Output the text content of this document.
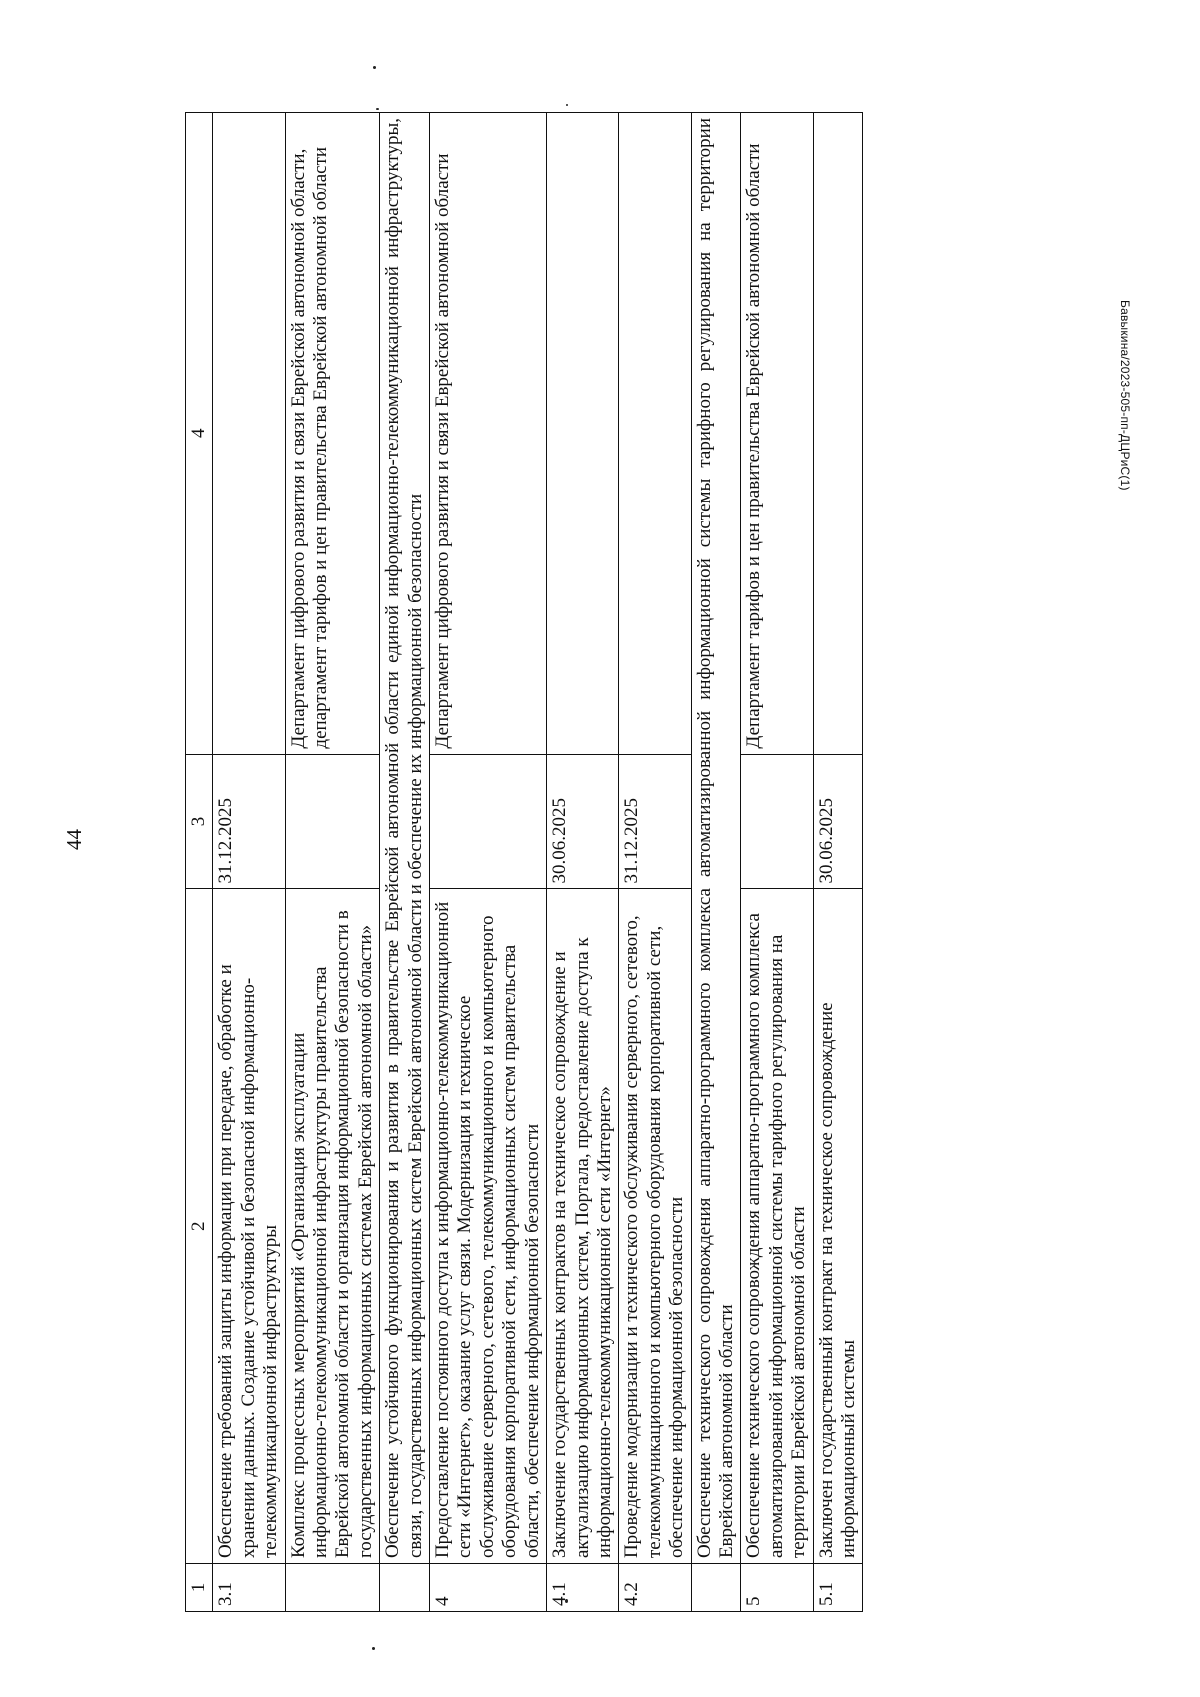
44
Бавыкина/2023-505-пп-ДЦРиС(1)
1	2	3	4
3.1	Обеспечение требований защиты информации при передаче, обработке и хранении данных. Создание устойчивой и безопасной информационно-телекоммуникационной инфраструктуры	31.12.2025	
	Комплекс процессных мероприятий «Организация эксплуатации информационно-телекоммуникационной инфраструктуры правительства Еврейской автономной области и организация информационной безопасности в государственных информационных системах Еврейской автономной области»		Департамент цифрового развития и связи Еврейской автономной области, департамент тарифов и цен правительства Еврейской автономной области
	Обеспечение устойчивого функционирования и развития в правительстве Еврейской автономной области единой информационно-телекоммуникационной инфраструктуры, связи, государственных информационных систем Еврейской автономной области и обеспечение их информационной безопасности		
4	Предоставление постоянного доступа к информационно-телекоммуникационной сети «Интернет», оказание услуг связи. Модернизация и техническое обслуживание серверного, сетевого, телекоммуникационного и компьютерного оборудования корпоративной сети, информационных систем правительства области, обеспечение информационной безопасности		Департамент цифрового развития и связи Еврейской автономной области
4.1	Заключение государственных контрактов на техническое сопровождение и актуализацию информационных систем, Портала, предоставление доступа к информационно-телекоммуникационной сети «Интернет»	30.06.2025	
4.2	Проведение модернизации и технического обслуживания серверного, сетевого, телекоммуникационного и компьютерного оборудования корпоративной сети, обеспечение информационной безопасности	31.12.2025	
	Обеспечение технического сопровождения аппаратно-программного комплекса автоматизированной информационной системы тарифного регулирования на территории Еврейской автономной области		
5	Обеспечение технического сопровождения аппаратно-программного комплекса автоматизированной информационной системы тарифного регулирования на территории Еврейской автономной области		Департамент тарифов и цен правительства Еврейской автономной области
5.1	Заключен государственный контракт на техническое сопровождение информационный системы	30.06.2025	
